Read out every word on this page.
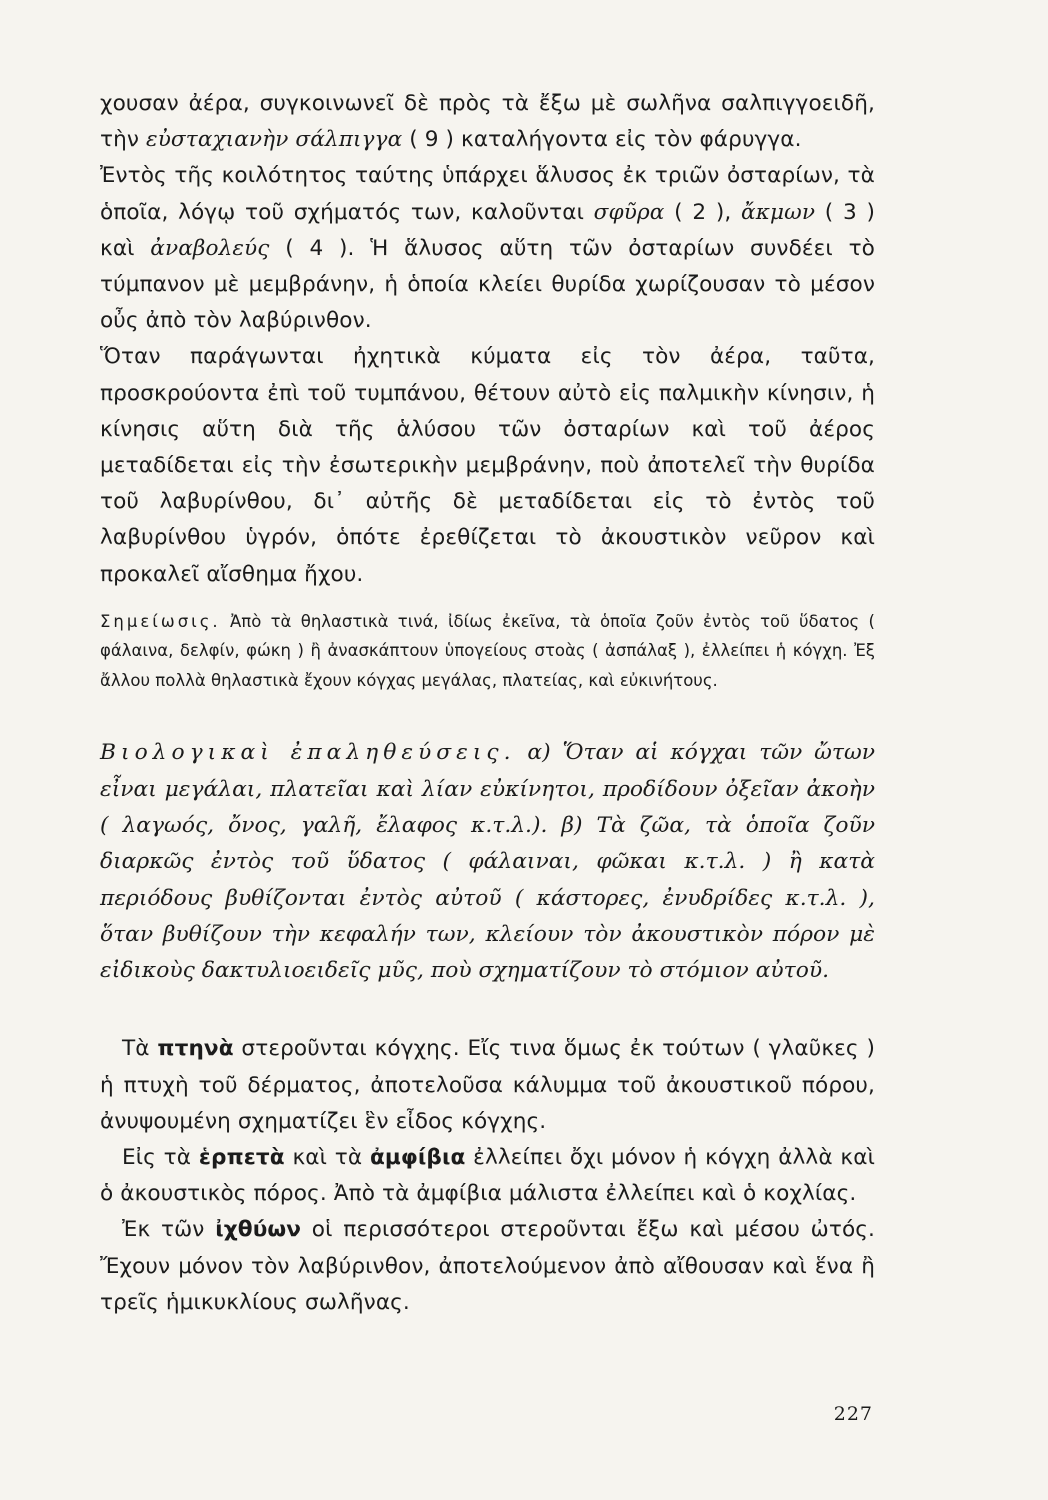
χουσαν ἀέρα, συγκοινωνεῖ δὲ πρὸς τὰ ἔξω μὲ σωλῆνα σαλπιγγοειδῆ, τὴν εὐσταχιανὴν σάλπιγγα ( 9 ) καταλήγοντα εἰς τὸν φάρυγγα.

Ἐντὸς τῆς κοιλότητος ταύτης ὑπάρχει ἅλυσος ἐκ τριῶν ὀσταρίων, τὰ ὁποῖα, λόγῳ τοῦ σχήματός των, καλοῦνται σφῦρα ( 2 ), ἄκμων ( 3 ) καὶ ἀναβολεύς ( 4 ). Ἡ ἅλυσος αὕτη τῶν ὀσταρίων συνδέει τὸ τύμπανον μὲ μεμβράνην, ἡ ὁποία κλείει θυρίδα χωρίζουσαν τὸ μέσον οὖς ἀπὸ τὸν λαβύρινθον.

Ὅταν παράγωνται ἠχητικὰ κύματα εἰς τὸν ἀέρα, ταῦτα, προσκρούοντα ἐπὶ τοῦ τυμπάνου, θέτουν αὐτὸ εἰς παλμικὴν κίνησιν, ἡ κίνησις αὕτη διὰ τῆς ἁλύσου τῶν ὀσταρίων καὶ τοῦ ἀέρος μεταδίδεται εἰς τὴν ἐσωτερικὴν μεμβράνην, ποὺ ἀποτελεῖ τὴν θυρίδα τοῦ λαβυρίνθου, δι᾽ αὐτῆς δὲ μεταδίδεται εἰς τὸ ἐντὸς τοῦ λαβυρίνθου ὑγρόν, ὁπότε ἐρεθίζεται τὸ ἀκουστικὸν νεῦρον καὶ προκαλεῖ αἴσθημα ἤχου.

Σημείωσις. Ἀπὸ τὰ θηλαστικὰ τινά, ἰδίως ἐκεῖνα, τὰ ὁποῖα ζοῦν ἐντὸς τοῦ ὕδατος ( φάλαινα, δελφίν, φώκη ) ἢ ἀνασκάπτουν ὑπογείους στοὰς ( ἀσπάλαξ ), ἐλλείπει ἡ κόγχη. Ἐξ ἄλλου πολλὰ θηλαστικὰ ἔχουν κόγχας μεγάλας, πλατείας, καὶ εὐκινήτους.

Βιολογικαὶ ἐπαληθεύσεις. α) Ὅταν αἱ κόγχαι τῶν ὤτων εἶναι μεγάλαι, πλατεῖαι καὶ λίαν εὐκίνητοι, προδίδουν ὀξεῖαν ἀκοὴν ( λαγωός, ὄνος, γαλῆ, ἔλαφος κ.τ.λ.). β) Τὰ ζῶα, τὰ ὁποῖα ζοῦν διαρκῶς ἐντὸς τοῦ ὕδατος ( φάλαιναι, φῶκαι κ.τ.λ. ) ἢ κατὰ περιόδους βυθίζονται ἐντὸς αὐτοῦ ( κάστορες, ἐνυδρίδες κ.τ.λ. ), ὅταν βυθίζουν τὴν κεφαλήν των, κλείουν τὸν ἀκουστικὸν πόρον μὲ εἰδικοὺς δακτυλιοειδεῖς μῦς, ποὺ σχηματίζουν τὸ στόμιον αὐτοῦ.

Τὰ πτηνὰ στεροῦνται κόγχης. Εἴς τινα ὅμως ἐκ τούτων ( γλαῦκες ) ἡ πτυχὴ τοῦ δέρματος, ἀποτελοῦσα κάλυμμα τοῦ ἀκουστικοῦ πόρου, ἀνυψουμένη σχηματίζει ἓν εἶδος κόγχης.

Εἰς τὰ ἑρπετὰ καὶ τὰ ἀμφίβια ἐλλείπει ὄχι μόνον ἡ κόγχη ἀλλὰ καὶ ὁ ἀκουστικὸς πόρος. Ἀπὸ τὰ ἀμφίβια μάλιστα ἐλλείπει καὶ ὁ κοχλίας.

Ἐκ τῶν ἰχθύων οἱ περισσότεροι στεροῦνται ἔξω καὶ μέσου ὠτός. Ἔχουν μόνον τὸν λαβύρινθον, ἀποτελούμενον ἀπὸ αἴθουσαν καὶ ἕνα ἢ τρεῖς ἡμικυκλίους σωλῆνας.

227
